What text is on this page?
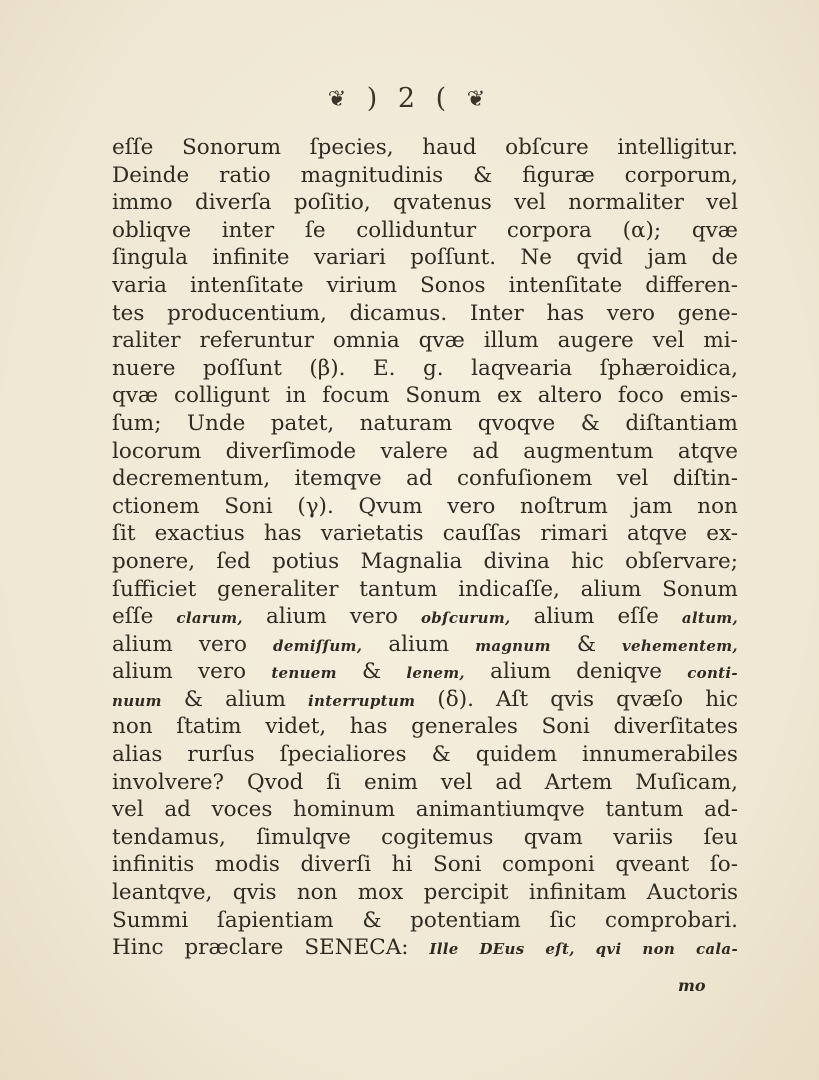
❦ ) 2 ( ❦
eſſe Sonorum ſpecies, haud obſcure intelligitur.
Deinde ratio magnitudinis & figuræ corporum,
immo diverſa poſitio, qvatenus vel normaliter vel
obliqve inter ſe colliduntur corpora (α); qvæ
ſingula infinite variari poſſunt. Ne qvid jam de
varia intenſitate virium Sonos intenſitate differen-
tes producentium, dicamus. Inter has vero gene-
raliter referuntur omnia qvæ illum augere vel mi-
nuere poſſunt (β). E. g. laqvearia ſphæroidica,
qvæ colligunt in focum Sonum ex altero foco emis-
ſum; Unde patet, naturam qvoqve & diſtantiam
locorum diverſimode valere ad augmentum atqve
decrementum, itemqve ad confuſionem vel diſtin-
ctionem Soni (γ). Qvum vero noſtrum jam non
ſit exactius has varietatis cauſſas rimari atqve ex-
ponere, ſed potius Magnalia divina hic obſervare;
ſufficiet generaliter tantum indicaſſe, alium Sonum
eſſe clarum, alium vero obſcurum, alium eſſe altum,
alium vero demiſſum, alium magnum & vehementem,
alium vero tenuem & lenem, alium deniqve conti-
nuum & alium interruptum (δ). Aſt qvis qvæſo hic
non ſtatim videt, has generales Soni diverſitates
alias rurſus ſpecialiores & quidem innumerabiles
involvere? Qvod ſi enim vel ad Artem Muſicam,
vel ad voces hominum animantiumqve tantum ad-
tendamus, ſimulqve cogitemus qvam variis ſeu
infinitis modis diverſi hi Soni componi qveant ſo-
leantqve, qvis non mox percipit infinitam Auctoris
Summi ſapientiam & potentiam ſic comprobari.
Hinc præclare SENECA: Ille DEus eſt, qvi non cala-
mo
